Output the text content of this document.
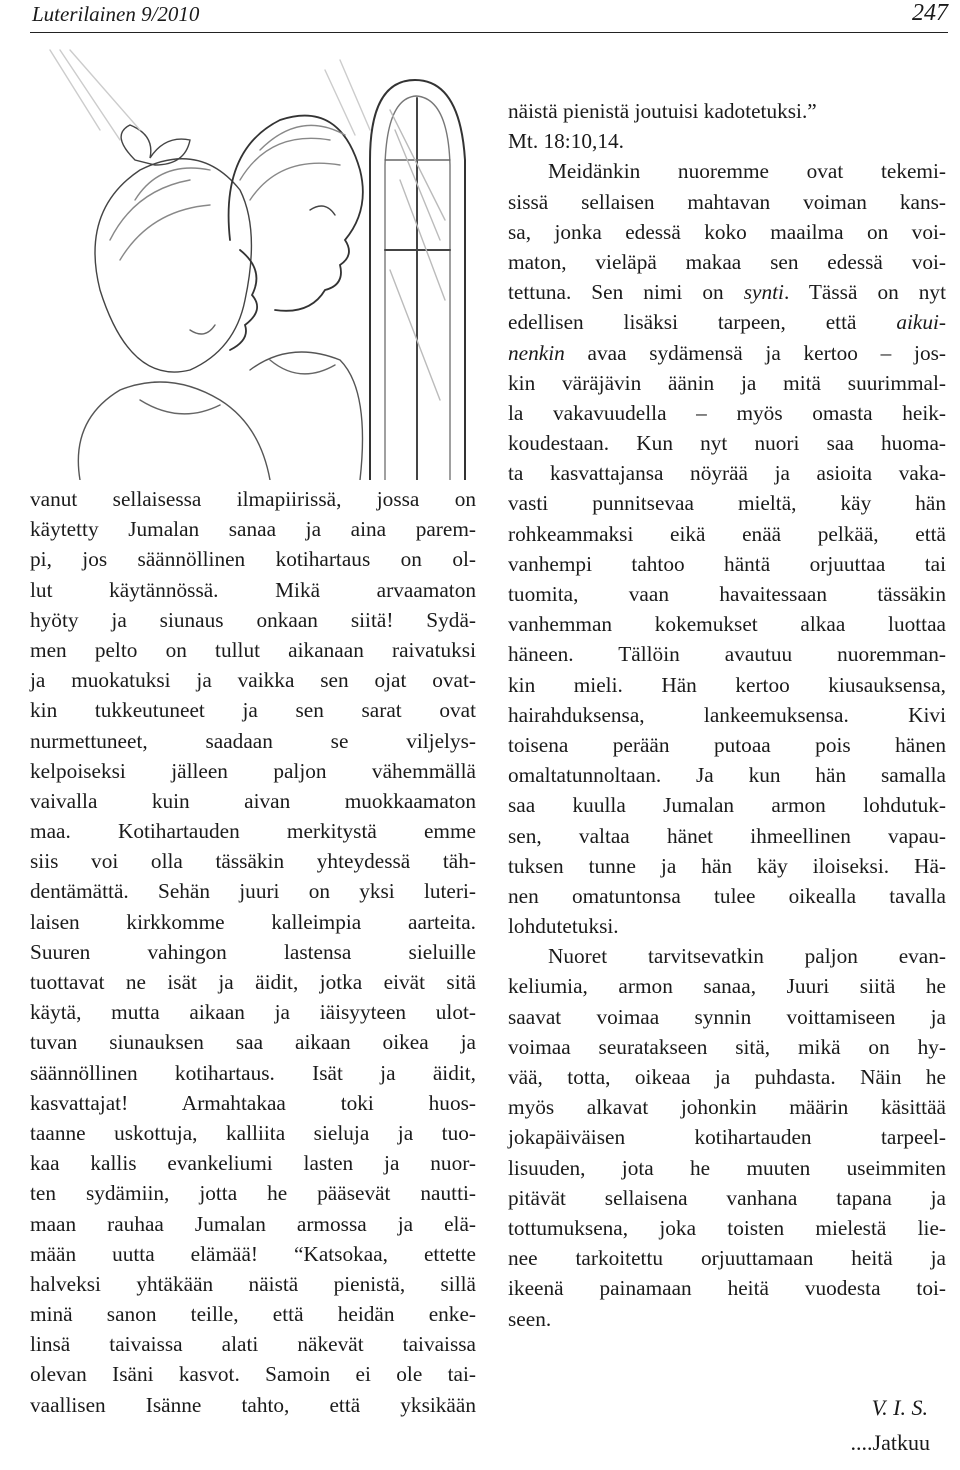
Luterilainen 9/2010	247
vanut sellaisessa ilmapiirissä, jossa on
käytetty Jumalan sanaa ja aina parem-
pi, jos säännöllinen kotihartaus on ol-
lut käytännössä. Mikä arvaamaton
hyöty ja siunaus onkaan siitä! Sydä-
men pelto on tullut aikanaan raivatuksi
ja muokatuksi ja vaikka sen ojat ovat-
kin tukkeutuneet ja sen sarat ovat
nurmettuneet, saadaan se viljelys-
kelpoiseksi jälleen paljon vähemmällä
vaivalla kuin aivan muokkaamaton
maa. Kotihartauden merkitystä emme
siis voi olla tässäkin yhteydessä täh-
dentämättä. Sehän juuri on yksi luteri-
laisen kirkkomme kalleimpia aarteita.
Suuren vahingon lastensa sieluille
tuottavat ne isät ja äidit, jotka eivät sitä
käytä, mutta aikaan ja iäisyyteen ulot-
tuvan siunauksen saa aikaan oikea ja
säännöllinen kotihartaus. Isät ja äidit,
kasvattajat! Armahtakaa toki huos-
taanne uskottuja, kalliita sieluja ja tuo-
kaa kallis evankeliumi lasten ja nuor-
ten sydämiin, jotta he pääsevät nautti-
maan rauhaa Jumalan armossa ja elä-
mään uutta elämää! “Katsokaa, ettette
halveksi yhtäkään näistä pienistä, sillä
minä sanon teille, että heidän enke-
linsä taivaissa alati näkevät taivaissa
olevan Isäni kasvot. Samoin ei ole tai-
vaallisen Isänne tahto, että yksikään
näistä pienistä joutuisi kadotetuksi.”
Mt. 18:10,14.
Meidänkin nuoremme ovat tekemi-
sissä sellaisen mahtavan voiman kans-
sa, jonka edessä koko maailma on voi-
maton, vieläpä makaa sen edessä voi-
tettuna. Sen nimi on synti. Tässä on nyt
edellisen lisäksi tarpeen, että aikui-
nenkin avaa sydämensä ja kertoo – jos-
kin väräjävin äänin ja mitä suurimmal-
la vakavuudella – myös omasta heik-
koudestaan. Kun nyt nuori saa huoma-
ta kasvattajansa nöyrää ja asioita vaka-
vasti punnitsevaa mieltä, käy hän
rohkeammaksi eikä enää pelkää, että
vanhempi tahtoo häntä orjuuttaa tai
tuomita, vaan havaitessaan tässäkin
vanhemman kokemukset alkaa luottaa
häneen. Tällöin avautuu nuoremman-
kin mieli. Hän kertoo kiusauksensa,
hairahduksensa, lankeemuksensa. Kivi
toisena perään putoaa pois hänen
omaltatunnoltaan. Ja kun hän samalla
saa kuulla Jumalan armon lohdutuk-
sen, valtaa hänet ihmeellinen vapau-
tuksen tunne ja hän käy iloiseksi. Hä-
nen omatuntonsa tulee oikealla tavalla
lohdutetuksi.
Nuoret tarvitsevatkin paljon evan-
keliumia, armon sanaa, Juuri siitä he
saavat voimaa synnin voittamiseen ja
voimaa seuratakseen sitä, mikä on hy-
vää, totta, oikeaa ja puhdasta. Näin he
myös alkavat johonkin määrin käsittää
jokapäiväisen kotihartauden tarpeel-
lisuuden, jota he muuten useimmiten
pitävät sellaisena vanhana tapana ja
tottumuksena, joka toisten mielestä lie-
nee tarkoitettu orjuuttamaan heitä ja
ikeenä painamaan heitä vuodesta toi-
seen.
V. I. S.
....Jatkuu
